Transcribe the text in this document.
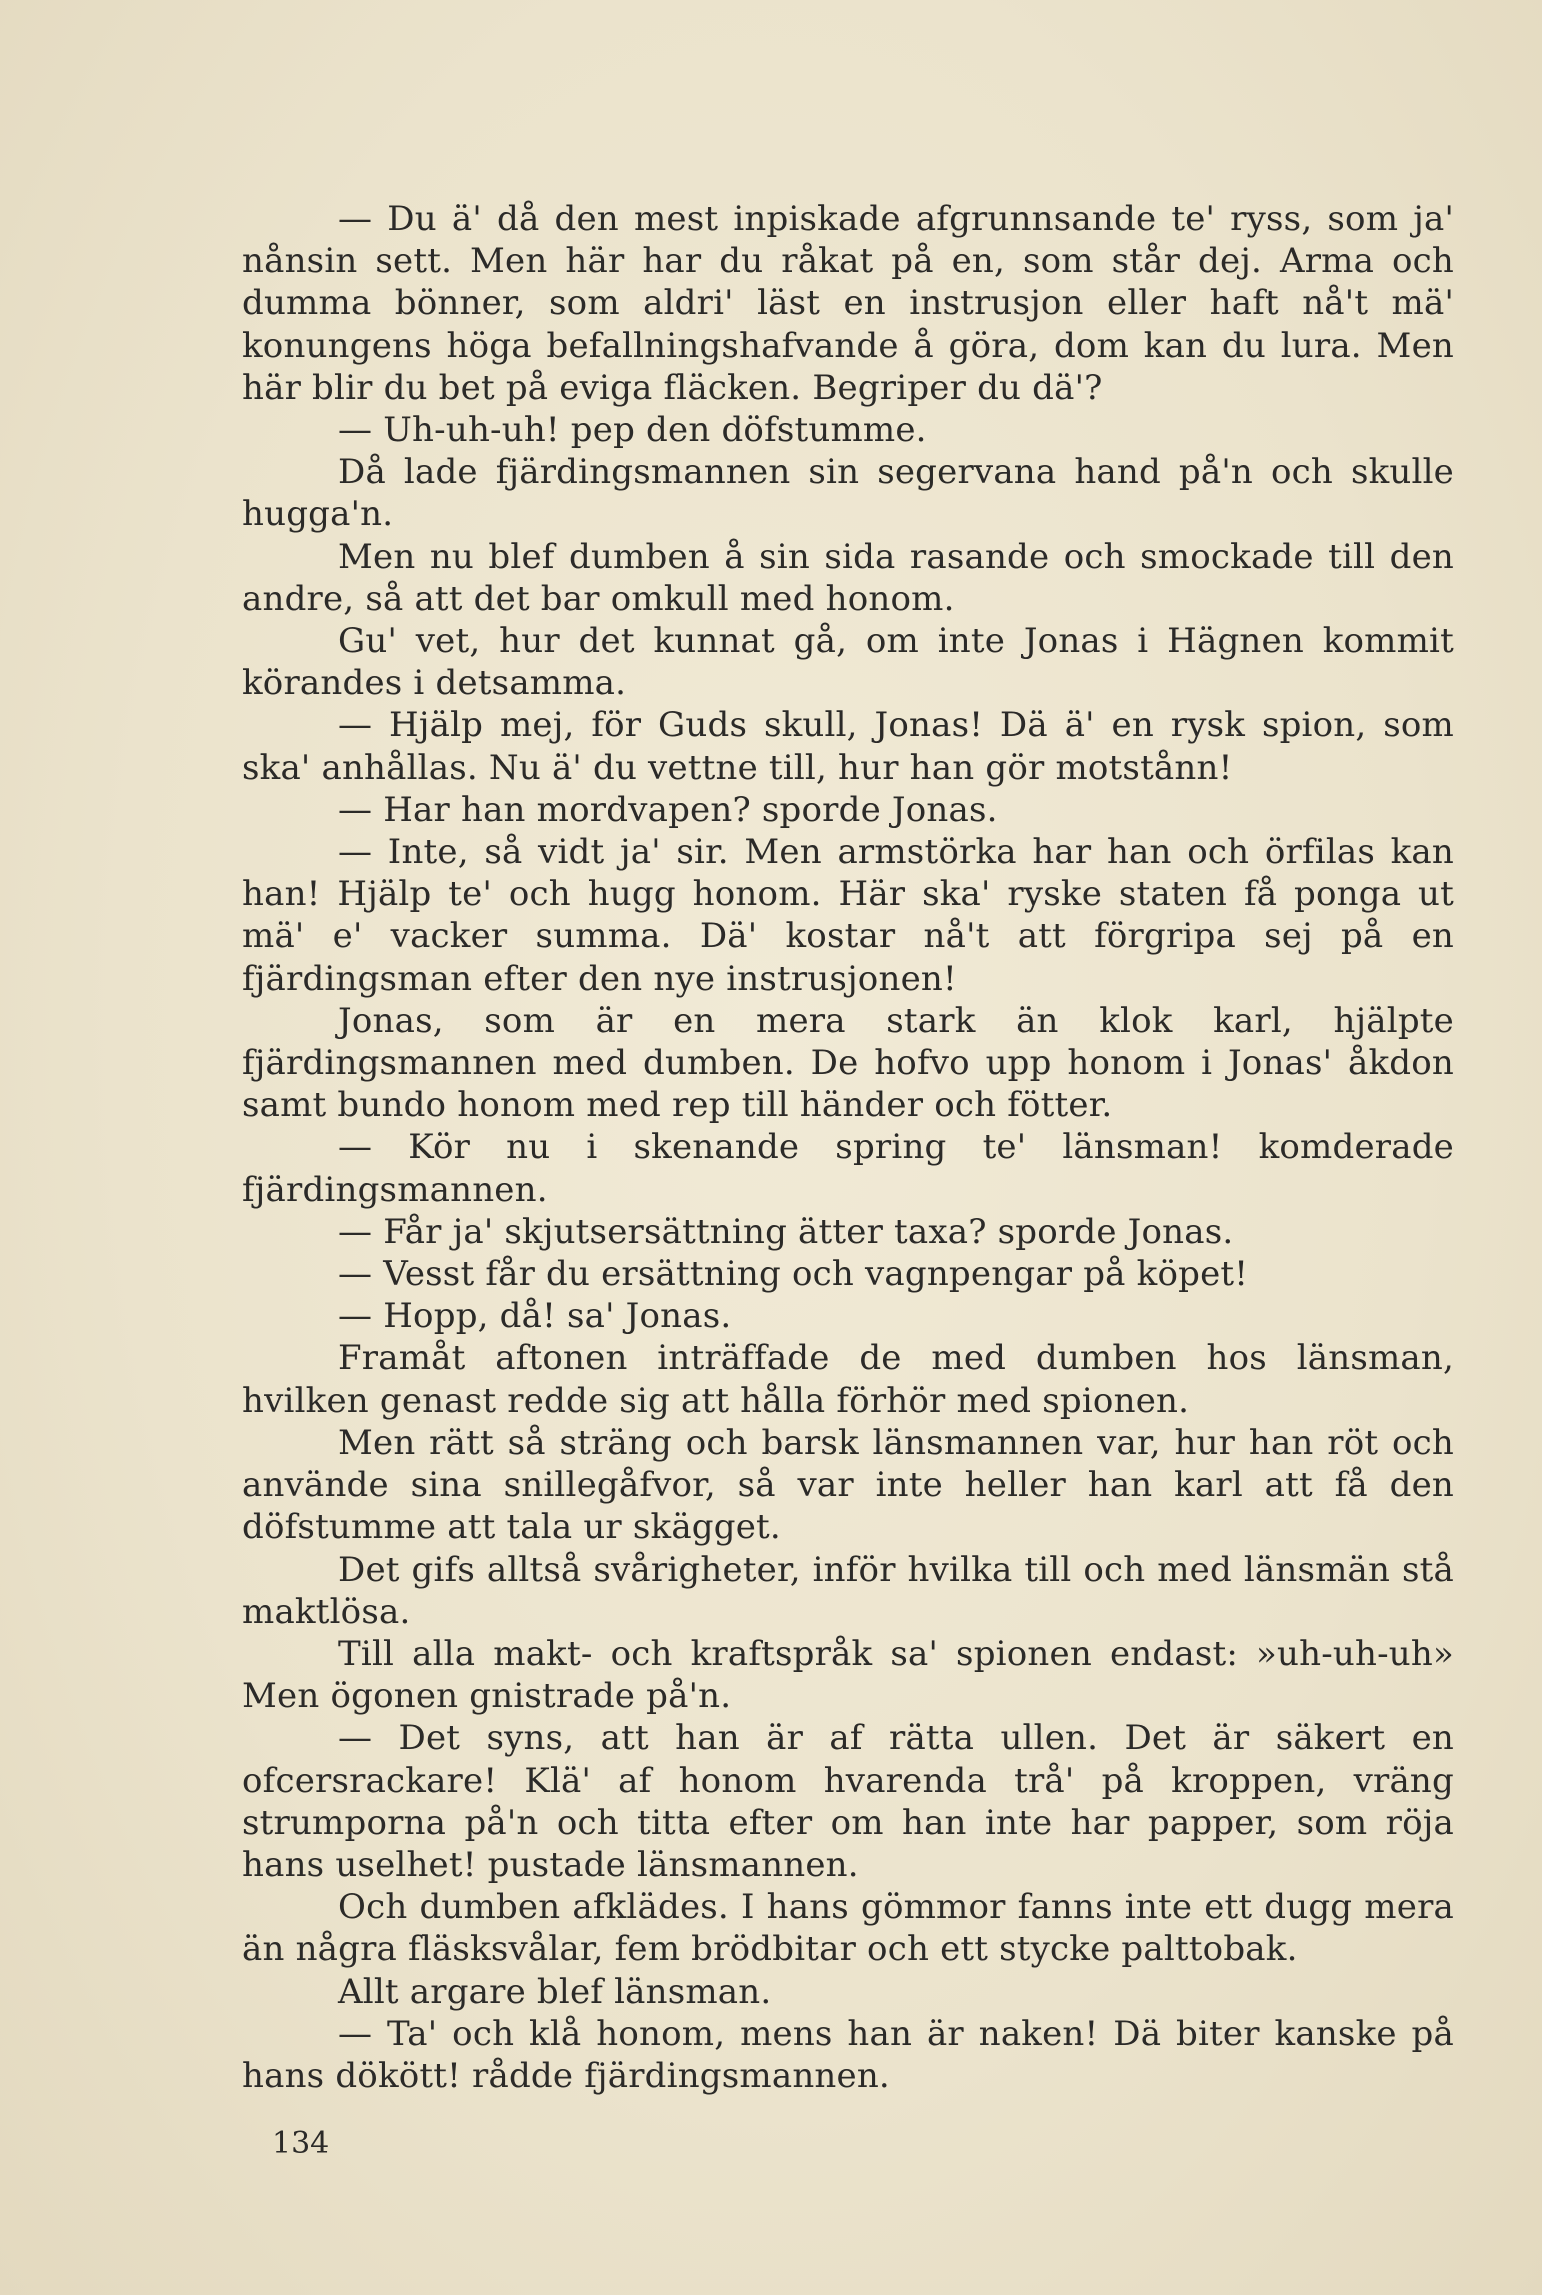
— Du ä' då den mest inpiskade afgrunnsande te' ryss, som ja' nånsin sett. Men här har du råkat på en, som står dej. Arma och dumma bönner, som aldri' läst en instrusjon eller haft nå't mä' konungens höga befallningshafvande å göra, dom kan du lura. Men här blir du bet på eviga fläcken. Begriper du dä'?

— Uh-uh-uh! pep den döfstumme.

Då lade fjärdingsmannen sin segervana hand på'n och skulle hugga'n.

Men nu blef dumben å sin sida rasande och smockade till den andre, så att det bar omkull med honom.

Gu' vet, hur det kunnat gå, om inte Jonas i Hägnen kommit körandes i detsamma.

— Hjälp mej, för Guds skull, Jonas! Dä ä' en rysk spion, som ska' anhållas. Nu ä' du vettne till, hur han gör motstånn!

— Har han mordvapen? sporde Jonas.

— Inte, så vidt ja' sir. Men armstörka har han och örfilas kan han! Hjälp te' och hugg honom. Här ska' ryske staten få ponga ut mä' e' vacker summa. Dä' kostar nå't att förgripa sej på en fjärdingsman efter den nye instrusjonen!

Jonas, som är en mera stark än klok karl, hjälpte fjärdingsmannen med dumben. De hofvo upp honom i Jonas' åkdon samt bundo honom med rep till händer och fötter.

— Kör nu i skenande spring te' länsman! komderade fjärdingsmannen.

— Får ja' skjutsersättning ätter taxa? sporde Jonas.

— Vesst får du ersättning och vagnpengar på köpet!

— Hopp, då! sa' Jonas.

Framåt aftonen inträffade de med dumben hos länsman, hvilken genast redde sig att hålla förhör med spionen.

Men rätt så sträng och barsk länsmannen var, hur han röt och använde sina snillegåfvor, så var inte heller han karl att få den döfstumme att tala ur skägget.

Det gifs alltså svårigheter, inför hvilka till och med länsmän stå maktlösa.

Till alla makt- och kraftspråk sa' spionen endast: »uh-uh-uh» Men ögonen gnistrade på'n.

— Det syns, att han är af rätta ullen. Det är säkert en ofcersrackare! Klä' af honom hvarenda trå' på kroppen, vräng strumporna på'n och titta efter om han inte har papper, som röja hans uselhet! pustade länsmannen.

Och dumben afklädes. I hans gömmor fanns inte ett dugg mera än några fläsksvålar, fem brödbitar och ett stycke palttobak.

Allt argare blef länsman.

— Ta' och klå honom, mens han är naken! Dä biter kanske på hans dökött! rådde fjärdingsmannen.

134
